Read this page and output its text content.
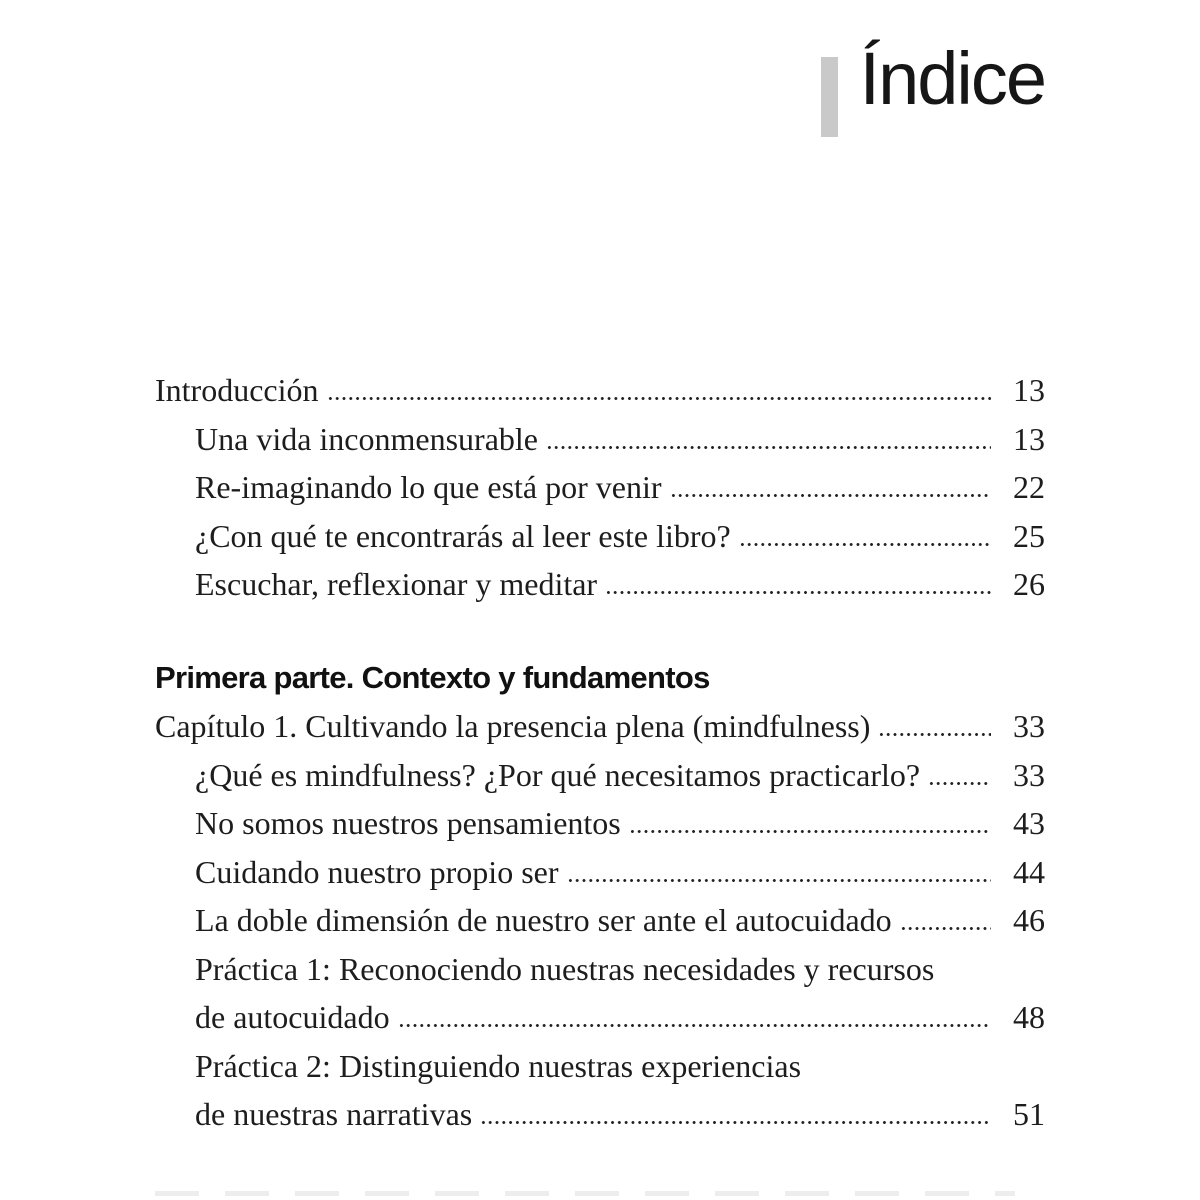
Índice
Introducción	13
Una vida inconmensurable	13
Re-imaginando lo que está por venir	22
¿Con qué te encontrarás al leer este libro?	25
Escuchar, reflexionar y meditar	26
Primera parte. Contexto y fundamentos
Capítulo 1. Cultivando la presencia plena (mindfulness)	33
¿Qué es mindfulness? ¿Por qué necesitamos practicarlo?	33
No somos nuestros pensamientos	43
Cuidando nuestro propio ser	44
La doble dimensión de nuestro ser ante el autocuidado	46
Práctica 1: Reconociendo nuestras necesidades y recursos
de autocuidado	48
Práctica 2: Distinguiendo nuestras experiencias
de nuestras narrativas	51
